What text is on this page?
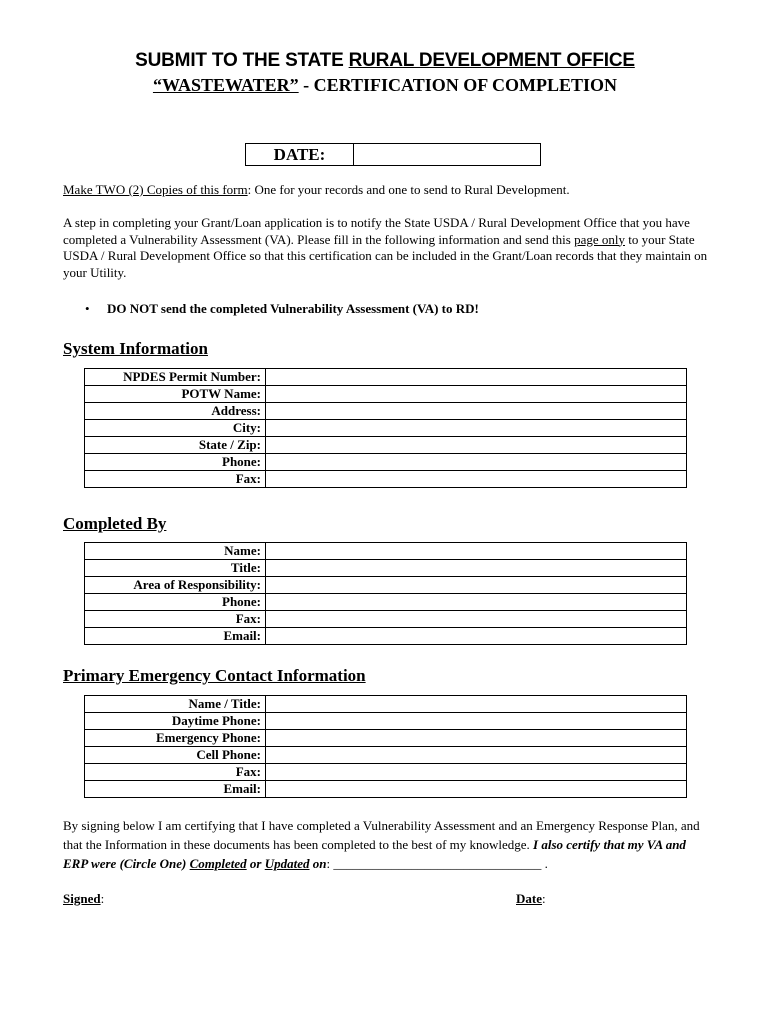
SUBMIT TO THE STATE RURAL DEVELOPMENT OFFICE
“WASTEWATER” - CERTIFICATION OF COMPLETION
DATE:
Make TWO (2) Copies of this form: One for your records and one to send to Rural Development.
A step in completing your Grant/Loan application is to notify the State USDA / Rural Development Office that you have completed a Vulnerability Assessment (VA). Please fill in the following information and send this page only to your State USDA / Rural Development Office so that this certification can be included in the Grant/Loan records that they maintain on your Utility.
• DO NOT send the completed Vulnerability Assessment (VA) to RD!
System Information
NPDES Permit Number:	
POTW Name:	
Address:	
City:	
State / Zip:	
Phone:	
Fax:	
Completed By
Name:	
Title:	
Area of Responsibility:	
Phone:	
Fax:	
Email:	
Primary Emergency Contact Information
Name / Title:	
Daytime Phone:	
Emergency Phone:	
Cell Phone:	
Fax:	
Email:	
By signing below I am certifying that I have completed a Vulnerability Assessment and an Emergency Response Plan, and that the Information in these documents has been completed to the best of my knowledge. I also certify that my VA and ERP were (Circle One) Completed or Updated on: ________________________________ .
Signed:	Date:
